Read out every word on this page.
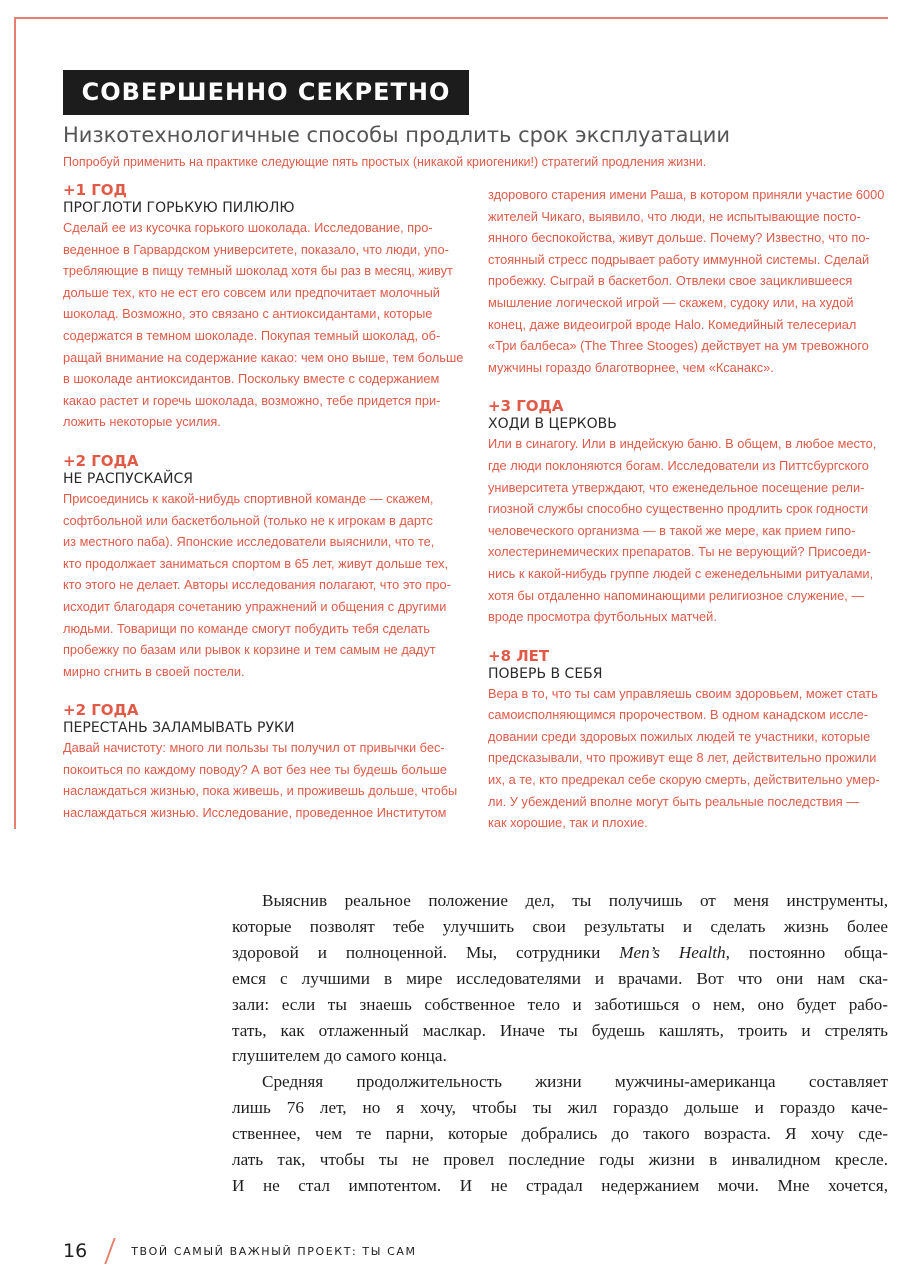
СОВЕРШЕННО СЕКРЕТНО
Низкотехнологичные способы продлить срок эксплуатации
Попробуй применить на практике следующие пять простых (никакой криогеники!) стратегий продления жизни.
+1 ГОД
ПРОГЛОТИ ГОРЬКУЮ ПИЛЮЛЮ
Сделай ее из кусочка горького шоколада. Исследование, про-
веденное в Гарвардском университете, показало, что люди, упо-
требляющие в пищу темный шоколад хотя бы раз в месяц, живут
дольше тех, кто не ест его совсем или предпочитает молочный
шоколад. Возможно, это связано с антиоксидантами, которые
содержатся в темном шоколаде. Покупая темный шоколад, об-
ращай внимание на содержание какао: чем оно выше, тем больше
в шоколаде антиоксидантов. Поскольку вместе с содержанием
какао растет и горечь шоколада, возможно, тебе придется при-
ложить некоторые усилия.
+2 ГОДА
НЕ РАСПУСКАЙСЯ
Присоединись к какой-нибудь спортивной команде — скажем,
софтбольной или баскетбольной (только не к игрокам в дартс
из местного паба). Японские исследователи выяснили, что те,
кто продолжает заниматься спортом в 65 лет, живут дольше тех,
кто этого не делает. Авторы исследования полагают, что это про-
исходит благодаря сочетанию упражнений и общения с другими
людьми. Товарищи по команде смогут побудить тебя сделать
пробежку по базам или рывок к корзине и тем самым не дадут
мирно сгнить в своей постели.
+2 ГОДА
ПЕРЕСТАНЬ ЗАЛАМЫВАТЬ РУКИ
Давай начистоту: много ли пользы ты получил от привычки бес-
покоиться по каждому поводу? А вот без нее ты будешь больше
наслаждаться жизнью, пока живешь, и проживешь дольше, чтобы
наслаждаться жизнью. Исследование, проведенное Институтом
здорового старения имени Раша, в котором приняли участие 6000
жителей Чикаго, выявило, что люди, не испытывающие посто-
янного беспокойства, живут дольше. Почему? Известно, что по-
стоянный стресс подрывает работу иммунной системы. Сделай
пробежку. Сыграй в баскетбол. Отвлеки свое зациклившееся
мышление логической игрой — скажем, судоку или, на худой
конец, даже видеоигрой вроде Halo. Комедийный телесериал
«Три балбеса» (The Three Stooges) действует на ум тревожного
мужчины гораздо благотворнее, чем «Ксанакс».
+3 ГОДА
ХОДИ В ЦЕРКОВЬ
Или в синагогу. Или в индейскую баню. В общем, в любое место,
где люди поклоняются богам. Исследователи из Питтсбургского
университета утверждают, что еженедельное посещение рели-
гиозной службы способно существенно продлить срок годности
человеческого организма — в такой же мере, как прием гипо-
холестеринемических препаратов. Ты не верующий? Присоеди-
нись к какой-нибудь группе людей с еженедельными ритуалами,
хотя бы отдаленно напоминающими религиозное служение, —
вроде просмотра футбольных матчей.
+8 ЛЕТ
ПОВЕРЬ В СЕБЯ
Вера в то, что ты сам управляешь своим здоровьем, может стать
самоисполняющимся пророчеством. В одном канадском иссле-
довании среди здоровых пожилых людей те участники, которые
предсказывали, что проживут еще 8 лет, действительно прожили
их, а те, кто предрекал себе скорую смерть, действительно умер-
ли. У убеждений вполне могут быть реальные последствия —
как хорошие, так и плохие.
Выяснив реальное положение дел, ты получишь от меня инструменты,
которые позволят тебе улучшить свои результаты и сделать жизнь более
здоровой и полноценной. Мы, сотрудники Men’s Health, постоянно обща-
емся с лучшими в мире исследователями и врачами. Вот что они нам ска-
зали: если ты знаешь собственное тело и заботишься о нем, оно будет рабо-
тать, как отлаженный маслкар. Иначе ты будешь кашлять, троить и стрелять
глушителем до самого конца.
Средняя продолжительность жизни мужчины-американца составляет
лишь 76 лет, но я хочу, чтобы ты жил гораздо дольше и гораздо каче-
ственнее, чем те парни, которые добрались до такого возраста. Я хочу сде-
лать так, чтобы ты не провел последние годы жизни в инвалидном кресле.
И не стал импотентом. И не страдал недержанием мочи. Мне хочется,
16	ТВОЙ САМЫЙ ВАЖНЫЙ ПРОЕКТ: ТЫ САМ
